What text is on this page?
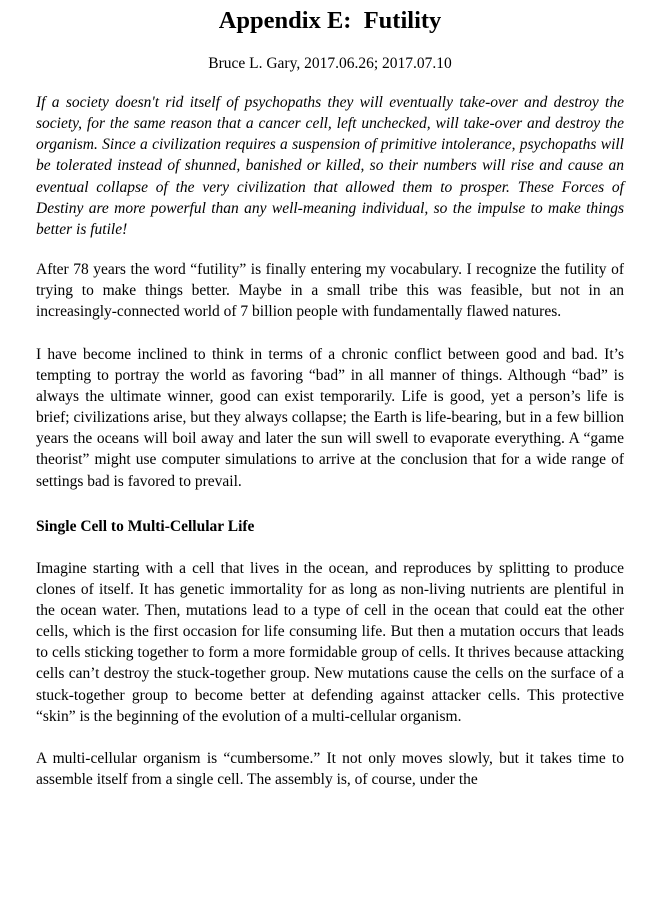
Appendix E:  Futility

Bruce L. Gary, 2017.06.26; 2017.07.10

If a society doesn't rid itself of psychopaths they will eventually take-over and destroy the society, for the same reason that a cancer cell, left unchecked, will take-over and destroy the organism. Since a civilization requires a suspension of primitive intolerance, psychopaths will be tolerated instead of shunned, banished or killed, so their numbers will rise and cause an eventual collapse of the very civilization that allowed them to prosper. These Forces of Destiny are more powerful than any well-meaning individual, so the impulse to make things better is futile!

After 78 years the word “futility” is finally entering my vocabulary. I recognize the futility of trying to make things better. Maybe in a small tribe this was feasible, but not in an increasingly-connected world of 7 billion people with fundamentally flawed natures.

I have become inclined to think in terms of a chronic conflict between good and bad. It’s tempting to portray the world as favoring “bad” in all manner of things. Although “bad” is always the ultimate winner, good can exist temporarily. Life is good, yet a person’s life is brief; civilizations arise, but they always collapse; the Earth is life-bearing, but in a few billion years the oceans will boil away and later the sun will swell to evaporate everything. A “game theorist” might use computer simulations to arrive at the conclusion that for a wide range of settings bad is favored to prevail.

Single Cell to Multi-Cellular Life

Imagine starting with a cell that lives in the ocean, and reproduces by splitting to produce clones of itself. It has genetic immortality for as long as non-living nutrients are plentiful in the ocean water. Then, mutations lead to a type of cell in the ocean that could eat the other cells, which is the first occasion for life consuming life. But then a mutation occurs that leads to cells sticking together to form a more formidable group of cells. It thrives because attacking cells can’t destroy the stuck-together group. New mutations cause the cells on the surface of a stuck-together group to become better at defending against attacker cells. This protective “skin” is the beginning of the evolution of a multi-cellular organism.

A multi-cellular organism is “cumbersome.” It not only moves slowly, but it takes time to assemble itself from a single cell. The assembly is, of course, under the
